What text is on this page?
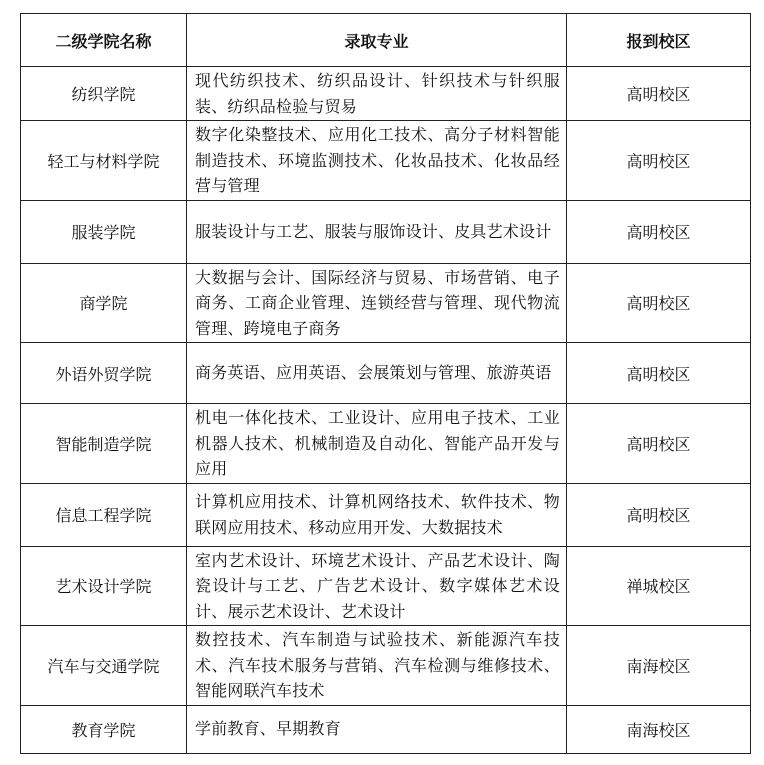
二级学院名称	录取专业	报到校区
纺织学院	现代纺织技术、纺织品设计、针织技术与针织服装、纺织品检验与贸易	高明校区
轻工与材料学院	数字化染整技术、应用化工技术、高分子材料智能制造技术、环境监测技术、化妆品技术、化妆品经营与管理	高明校区
服装学院	服装设计与工艺、服装与服饰设计、皮具艺术设计	高明校区
商学院	大数据与会计、国际经济与贸易、市场营销、电子商务、工商企业管理、连锁经营与管理、现代物流管理、跨境电子商务	高明校区
外语外贸学院	商务英语、应用英语、会展策划与管理、旅游英语	高明校区
智能制造学院	机电一体化技术、工业设计、应用电子技术、工业机器人技术、机械制造及自动化、智能产品开发与应用	高明校区
信息工程学院	计算机应用技术、计算机网络技术、软件技术、物联网应用技术、移动应用开发、大数据技术	高明校区
艺术设计学院	室内艺术设计、环境艺术设计、产品艺术设计、陶瓷设计与工艺、广告艺术设计、数字媒体艺术设计、展示艺术设计、艺术设计	禅城校区
汽车与交通学院	数控技术、汽车制造与试验技术、新能源汽车技术、汽车技术服务与营销、汽车检测与维修技术、智能网联汽车技术	南海校区
教育学院	学前教育、早期教育	南海校区
